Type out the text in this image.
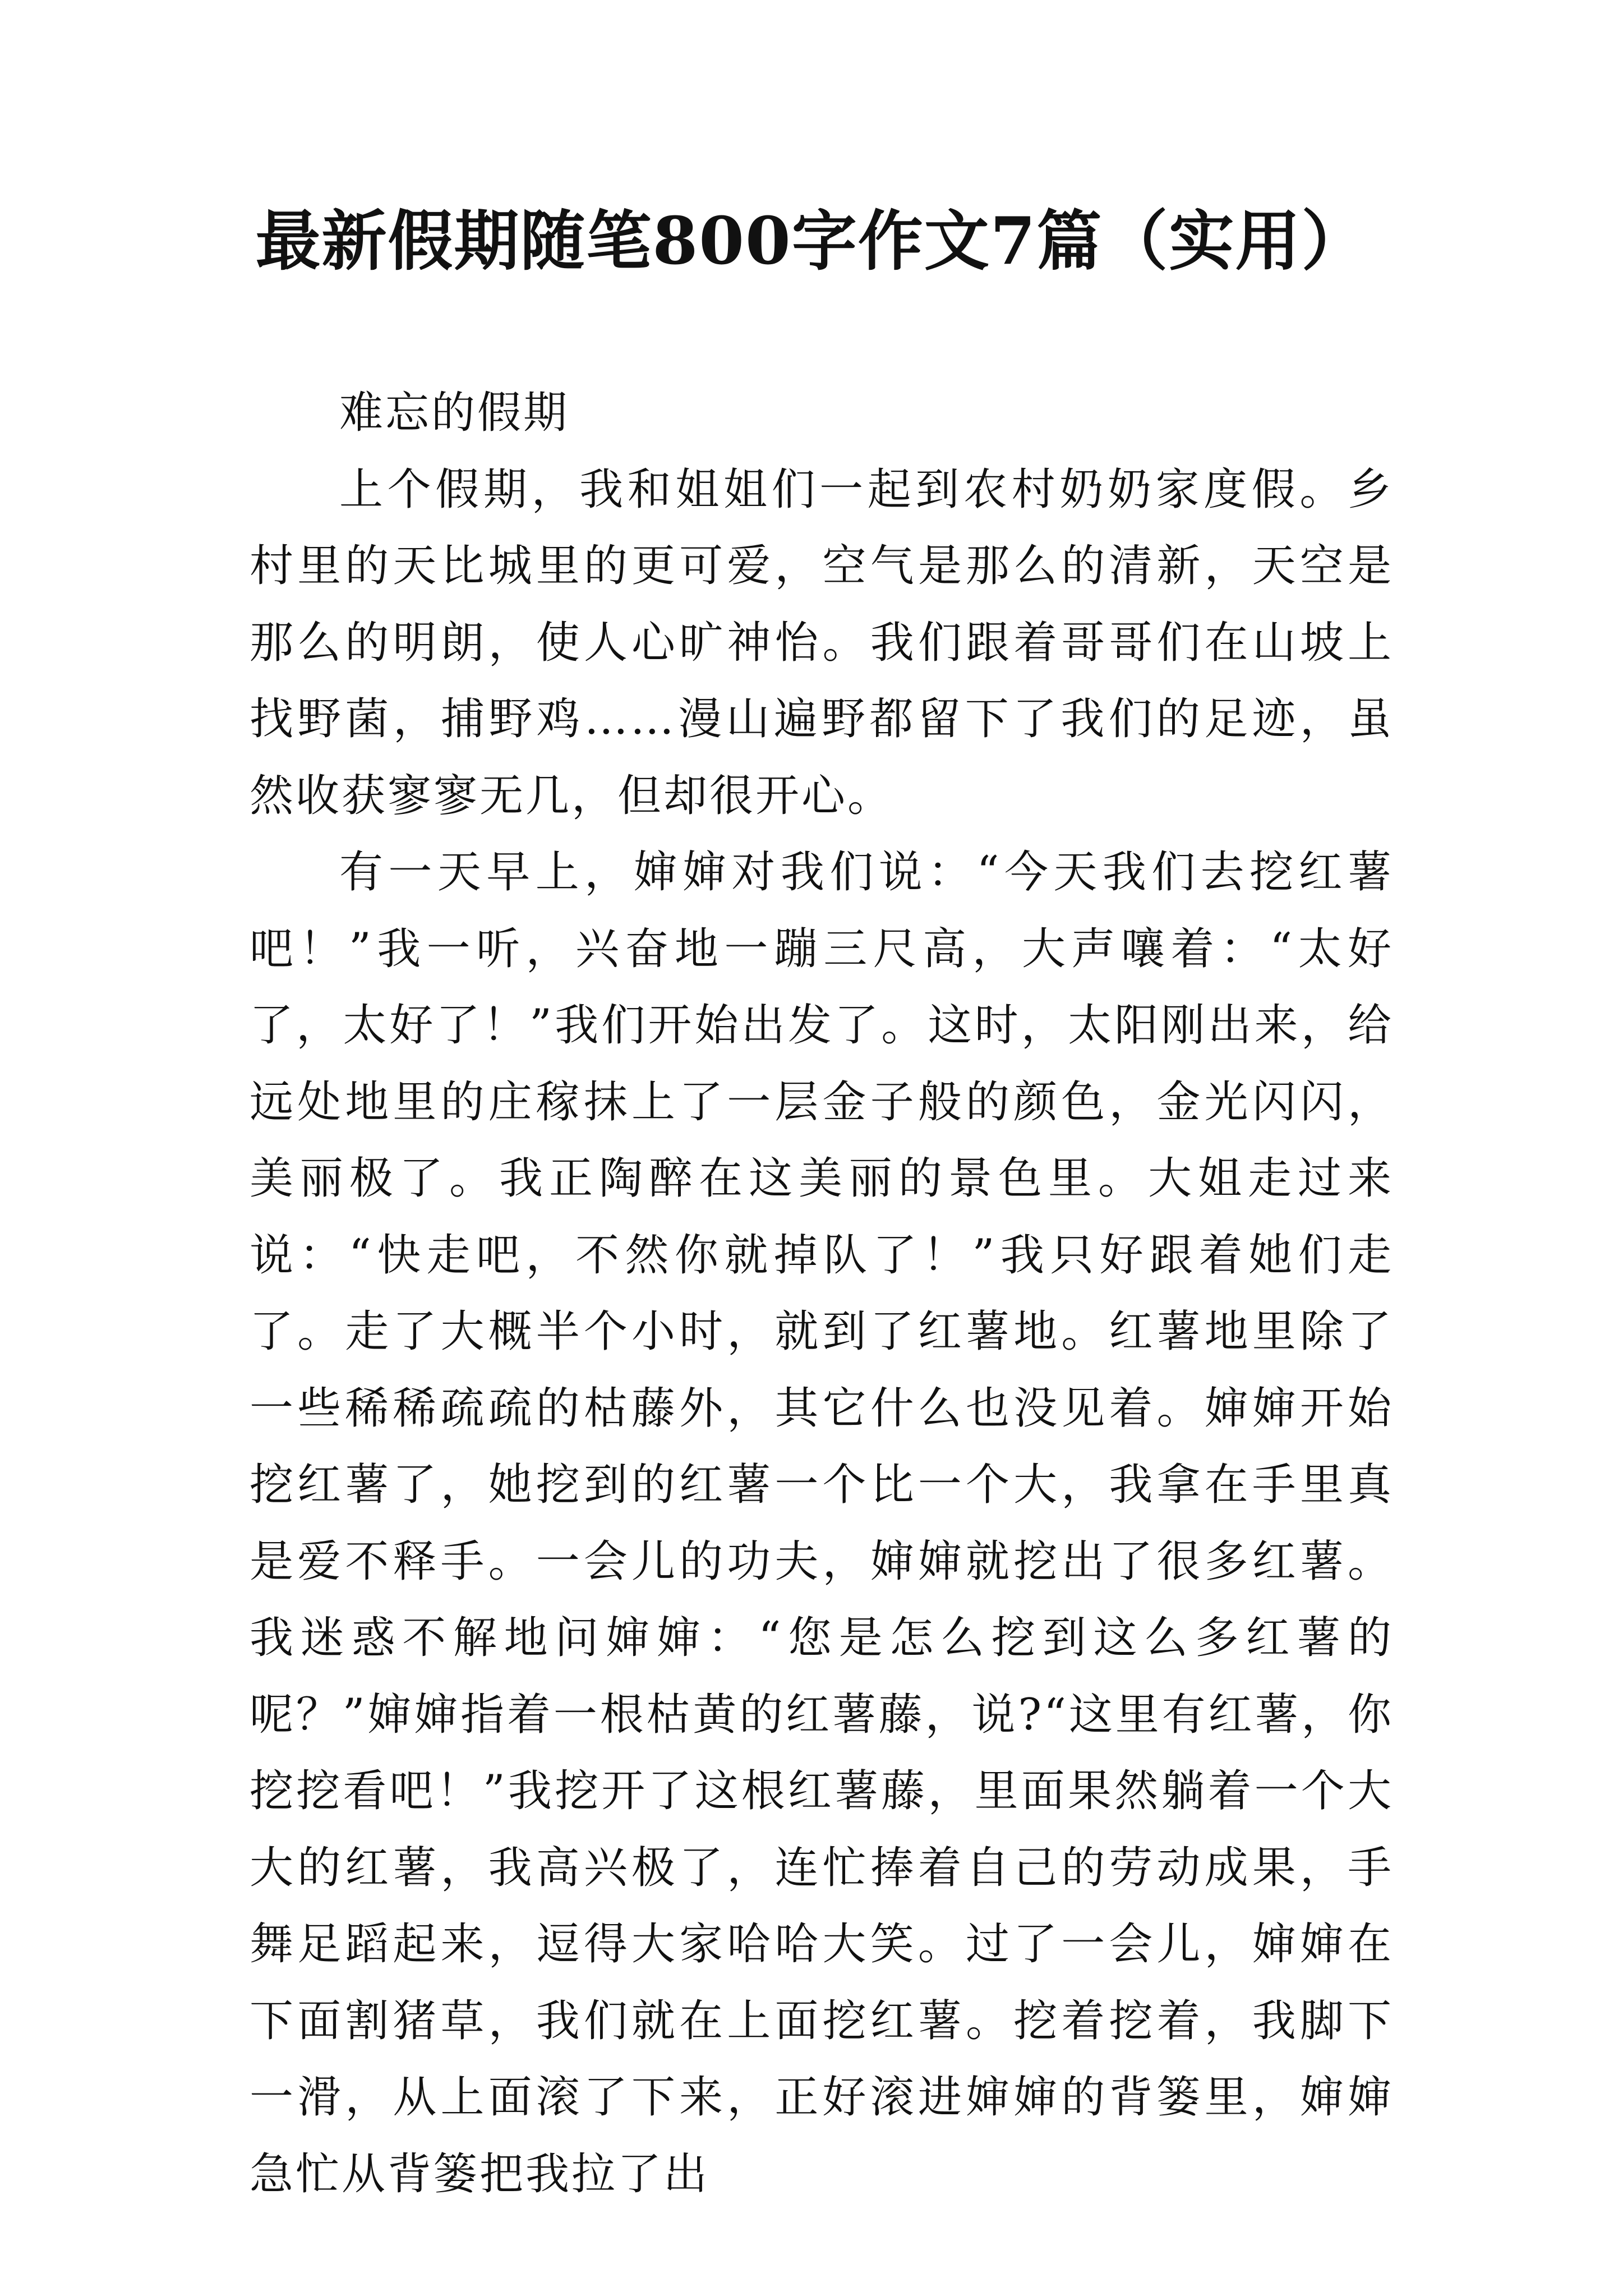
最新假期随笔800字作文7篇（实用）

难忘的假期

上个假期，我和姐姐们一起到农村奶奶家度假。乡村里的天比城里的更可爱，空气是那么的清新，天空是那么的明朗，使人心旷神怡。我们跟着哥哥们在山坡上找野菌，捕野鸡……漫山遍野都留下了我们的足迹，虽然收获寥寥无几，但却很开心。

有一天早上，婶婶对我们说：“今天我们去挖红薯吧！”我一听，兴奋地一蹦三尺高，大声嚷着：“太好了，太好了！”我们开始出发了。这时，太阳刚出来，给远处地里的庄稼抹上了一层金子般的颜色，金光闪闪，美丽极了。我正陶醉在这美丽的景色里。大姐走过来说：“快走吧，不然你就掉队了！”我只好跟着她们走了。走了大概半个小时，就到了红薯地。红薯地里除了一些稀稀疏疏的枯藤外，其它什么也没见着。婶婶开始挖红薯了，她挖到的红薯一个比一个大，我拿在手里真是爱不释手。一会儿的功夫，婶婶就挖出了很多红薯。我迷惑不解地问婶婶：“您是怎么挖到这么多红薯的呢？”婶婶指着一根枯黄的红薯藤，说?“这里有红薯，你挖挖看吧！”我挖开了这根红薯藤，里面果然躺着一个大大的红薯，我高兴极了，连忙捧着自己的劳动成果，手舞足蹈起来，逗得大家哈哈大笑。过了一会儿，婶婶在下面割猪草，我们就在上面挖红薯。挖着挖着，我脚下一滑，从上面滚了下来，正好滚进婶婶的背篓里，婶婶急忙从背篓把我拉了出
